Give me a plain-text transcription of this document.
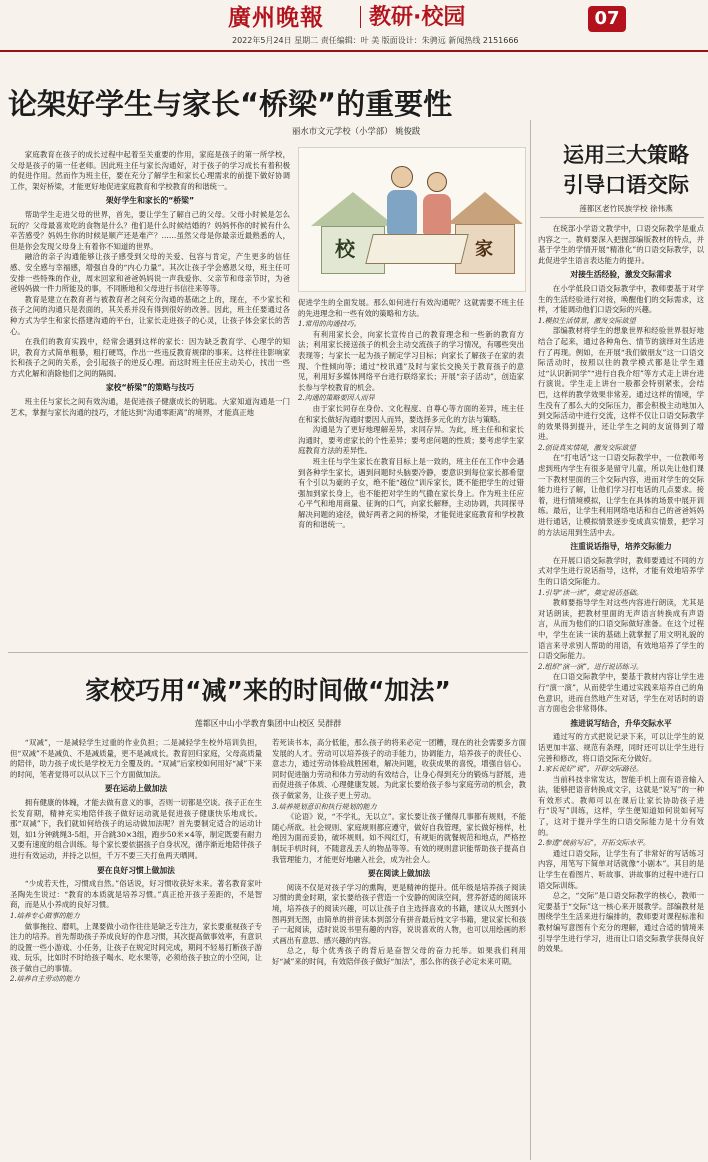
廣州晚報 教研·校园	07
2022年5月24日 星期二 责任编辑：叶 美 版面设计：朱骋远 新闻热线 2151666
论架好学生与家长“桥梁”的重要性
丽水市文元学校（小学部） 姚俊跋

家庭教育在孩子的成长过程中起着至关重要的作用，家庭是孩子的第一所学校，父母是孩子的第一任老师。因此班主任与家长沟通好，对于孩子的学习成长有着积极的促进作用。然而作为班主任，要在充分了解学生和家长心理需求的前提下做好协调工作，架好桥梁，才能更好地促进家庭教育和学校教育的和谐统一。

架好学生和家长的“桥梁”

帮助学生走进父母的世界，首先，要让学生了解自己的父母。父母小时候是怎么玩的？父母最喜欢吃的食物是什么？他们是什么时候结婚的？妈妈怀你的时候有什么辛苦感受？妈妈生你的时候是顺产还是难产？……虽然父母是你最亲近最熟悉的人，但是你会发现父母身上有着你不知道的世界。

融洽的亲子沟通能够让孩子感受到父母的关爱、包容与肯定，产生更多的信任感、安全感与幸福感，增强自身的“内心力量”。其次让孩子学会感恩父母，班主任可安排一些特殊的作业，周末回家和爸爸妈妈说一声我爱你、父亲节和母亲节时，为爸爸妈妈做一件力所能及的事，不同断地和父母进行书信往来等等。

教育是建立在教育者与被教育者之间充分沟通的基础之上的，现在，不少家长和孩子之间的沟通只是表面的，其关系并没有得到很好的改善。因此，班主任要通过各种方式为学生和家长搭建沟通的平台，让家长走进孩子的心灵，让孩子体会家长的苦心。

在我们的教育实践中，经常会遇到这样的家长：因为缺乏教育学、心理学的知识，教育方式简单粗暴，粗打硬骂，作出一些违反教育规律的事来。这样往往影响家长和孩子之间的关系，会引起孩子的逆反心理。而这时班主任应主动关心，找出一些方式化解和消除他们之间的隔阂。

家校“桥梁”的策略与技巧

班主任与家长之间有效沟通，是促进孩子健康成长的钥匙。大家知道沟通是一门艺术，掌握与家长沟通的技巧，才能达到“沟通零距离”的境界，才能真正地

校	家

促进学生的全面发展。那么如何进行有效沟通呢？这就需要不班主任的先进理念和一些有效的策略和方法。

1.常用的沟通技巧。

有利用家长会，向家长宣传自己的教育理念和一些新的教育方法；利用家长接送孩子的机会主动交流孩子的学习情况，有哪些突出表现等；与家长一起为孩子制定学习目标；向家长了解孩子在家的表现、个性倾向等；通过“校讯通”及时与家长交换关于教育孩子的意见，利用好多媒体网络平台进行联络家长；开展“亲子活动”，创造家长参与学校教育的机会。

2.沟通的策略要因人而异

由于家长同存在身份、文化程度、自尊心等方面的差异，班主任在和家长做好沟通时要因人而异，要选择多元化的方法与策略。

沟通是为了更好地理解差异，求同存异。为此，班主任和和家长沟通时，要考虑家长的个性差异；要考虑问题的性质；要考虑学生家庭教育方法的差异性。

班主任与学生家长在教育目标上是一致的，班主任在工作中会遇到各种学生家长，遇到问题时头脑要冷静，要意识到每位家长都希望有个引以为豪的子女，绝不能“越位”训斥家长，既不能把学生的过错强加到家长身上，也不能把对学生的气撒在家长身上。作为班主任应心平气和地用商量、征询的口气，向家长解释，主动协调，共同探寻解决问题的途径，做好两者之间的桥梁，才能促进家庭教育和学校教育的和谐统一。

家校巧用“减”来的时间做“加法”
莲都区中山小学教育集团中山校区 吴群群

“双减”，一是减轻学生过重的作业负担；二是减轻学生校外培训负担，但“双减”不是减负、不是减质量，更不是减成长。教育回归家庭，父母高质量的陪伴，助力孩子成长是学校无力全覆及的。“双减”后家校如何用好“减”下来的时间，笔者觉得可以从以下三个方面做加法。

要在运动上做加法

拥有健康的体魄，才能去做有意义的事，否则一切都是空谈。孩子正在生长发育期，精神充实地陪伴孩子做好运动就是促进孩子健康快乐地成长。那“双减”下，我们就如何给孩子的运动做加法呢？首先要制定适合的运动计划，如1分钟跳绳3-5组，开合跳30×3组，跑步50米×4等，制定既要有耐力又要有速度的组合训练。每个家长要依据孩子自身状况，循序渐近地陪伴孩子进行有效运动，并持之以恒，千万不要三天打鱼两天晒网。

要在良好习惯上做加法

“少成若天性，习惯成自然。”俗话说，好习惯收获好未来。著名教育家叶圣陶先生说过：“教育的本质就是培养习惯。”真正抢开孩子差距的，不是智商，而是从小养成的良好习惯。

1.培养专心做事的能力

做事拖拉、磨叽，上课要做小动作往往是缺乏专注力，家长要重视孩子专注力的培养。首先帮助孩子养成良好的作息习惯，其次提高做事效率，有意识的设置一些小游戏、小任务，让孩子在规定时间完成，期间不轻易打断孩子游戏、玩乐，比如时不时给孩子喝水、吃水果等，必须给孩子独立的小空间，让孩子做自己的事情。

2.培养自主劳动的能力

若死读书本，高分低能，那么孩子的将来必定一团糟，现在的社会需要多方面发展的人才。劳动可以培养孩子的动手能力，协调能力，培养孩子的责任心、意志力，通过劳动体验战胜困难，解决问题，收获成果的喜悦，增强自信心。同时促进脑力劳动和体力劳动的有效结合，让身心得到充分的锻炼与舒展，进而促进孩子体质、心理健康发展。为此家长要给孩子参与家庭劳动的机会，教孩子做家务，让孩子更上劳动。

3.培养规划意识和执行规划的能力

《论语》说，“不学礼，无以立”。家长要让孩子懂得几事都有规则，不能随心所欲。社会规则、家庭规则都应遵守，做好自我管理，家长做好榜样，杜绝因为面而妥协，破坏规则。如不闯红灯，有规矩的就餐规范和地点，严格控制玩手机时间，不随意乱丢人的物品等等。有效的规则意识能帮助孩子提高自我管理能力，才能更好地融入社会，成为社会人。

要在阅读上做加法

阅读不仅是对孩子学习的熏陶，更是精神的提升。低年级是培养孩子阅读习惯的黄金时期，家长要给孩子营造一个安静的阅读空间，营养舒适的阅读环境，培养孩子的阅读兴趣，可以让孩子自主选择喜欢的书籍，建议从大图到小图再到无图，由简单的拼音读本到部分有拼音最后纯文字书籍，建议家长和孩子一起阅读，适时说说书里有趣的内容，说说喜欢的人物，也可以用绘画的形式画出有意思、感兴趣的内容。

总之，每个优秀孩子的背后是奋智父母的奋力托举。如果我们利用好“减”来的时间，有效陪伴孩子做好“加法”，那么你的孩子必定未来可期。

运用三大策略
引导口语交际
莲都区老竹民族学校 徐伟燕

在统部小学语文教学中，口语交际教学是重点内容之一。教师要深入把握部编版教材的特点，并基于学生的学情开展“精准化”的口语交际教学，以此促进学生语言表达能力的提升。

对接生活经验，激发交际需求

在小学低段口语交际教学中，教师要基于对学生的生活经验进行对接，唤醒他们的交际需求，这样，才能调动他们口语交际的兴趣。

1.模拟生活情景，激发交际欲望

部编教材将学生的想象世界和经验世界很好地结合了起来，通过各种角色、情节的演绎对生活进行了再现。例如，在开展“我们做朋友”这一口语交际活动时，按照以往的教学模式都是让学生通过“认识新同学”“进行自我介绍”等方式走上讲台进行演说。学生走上讲台一般都会特别紧张，会结巴，这样的教学效果非常差。通过这样的情境，学生没有了那么大的交际压力，都会积极主动地加入到交际活动中进行交流，这样不仅让口语交际教学的效果得到提升，还让学生之间的友谊得到了增进。

2.创设真实情境，激发交际欲望

在“打电话”这一口语交际教学中，一位教师考虑到班内学生有很多是留守儿童，所以先让他们课一下教材里面的三个交际内容，进而对学生的交际能力进行了解，让他们学习打电话的几点要求。接着，进行情境模拟，让学生在具体的场景中展开训练。最后，让学生利用网络电话和自己的爸爸妈妈进行通话，让模拟情景逐步变成真实情景，把学习的方法运用到生活中去。

注重说话指导，培养交际能力

在开展口语交际教学时，教师要通过不同的方式对学生进行说话指导，这样，才能有效地培养学生的口语交际能力。

1.引导“读一读”，奠定说话基础。

教师要指导学生对这些内容进行朗读，尤其是对话朗读，把教材里面的无声语言转换成有声语言，从而为他们的口语交际做好准备。在这个过程中，学生在读一读的基础上就掌握了用文明礼貌的语言来寻求别人帮助的用语，有效地培养了学生的口语交际能力。

2.组织“演一演”，进行说话练习。

在口语交际教学中，要基于教材内容让学生进行“演一演”，从而使学生通过实践来培养自己的角色意识，进而自然地产生对话，学生在对话时的语言方面也会非常得体。

推进说写结合，升华交际水平

通过写的方式把说记录下来，可以让学生的说话更加丰富、规范有条理，同时还可以让学生进行完善和修改，将口语交际充分做好。

1.家长说好“说”，开辟交际路径。

当前科技非常发达，智能手机上面有语音输入法，能够把语音转换成文字，这就是“说写”的一种有效形式。教师可以在课后让家长协助孩子进行“说写”训练，这样，学生便知道如何说如何写了，这对于提升学生的口语交际能力是十分有效的。

2.参透“统前写后”，开拓交际水平。

通过口语交际，让学生有了非常好的写话练习内容，用笔写下简单对话就像“小剧本”。其目的是让学生在看图片、听故事、讲故事的过程中进行口语交际训练。

总之，“交际”是口语交际教学的核心，教师一定要基于“交际”这一核心来开展教学。部编教材是围绕学生生活来进行编排的，教师要对课程标准和教材编写意图有个充分的理解，通过合适的情境来引导学生进行学习，进而让口语交际教学获得良好的效果。
